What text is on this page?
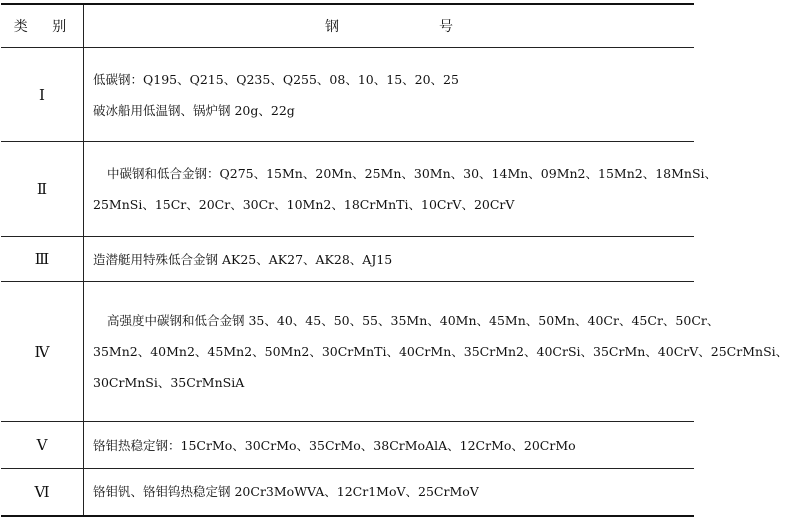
类 别	钢 号
Ⅰ	低碳钢：Q195、Q215、Q235、Q255、08、10、15、20、25
破冰船用低温钢、锅炉钢 20g、22g

Ⅱ	中碳钢和低合金钢：Q275、15Mn、20Mn、25Mn、30Mn、30、14Mn、09Mn2、15Mn2、18MnSi、
25MnSi、15Cr、20Cr、30Cr、10Mn2、18CrMnTi、10CrV、20CrV

Ⅲ	造潜艇用特殊低合金钢 AK25、AK27、AK28、AJ15

Ⅳ	高强度中碳钢和低合金钢 35、40、45、50、55、35Mn、40Mn、45Mn、50Mn、40Cr、45Cr、50Cr、
35Mn2、40Mn2、45Mn2、50Mn2、30CrMnTi、40CrMn、35CrMn2、40CrSi、35CrMn、40CrV、25CrMnSi、
30CrMnSi、35CrMnSiA

Ⅴ	铬钼热稳定钢：15CrMo、30CrMo、35CrMo、38CrMoAlA、12CrMo、20CrMo

Ⅵ	铬钼钒、铬钼钨热稳定钢 20Cr3MoWVA、12Cr1MoV、25CrMoV
